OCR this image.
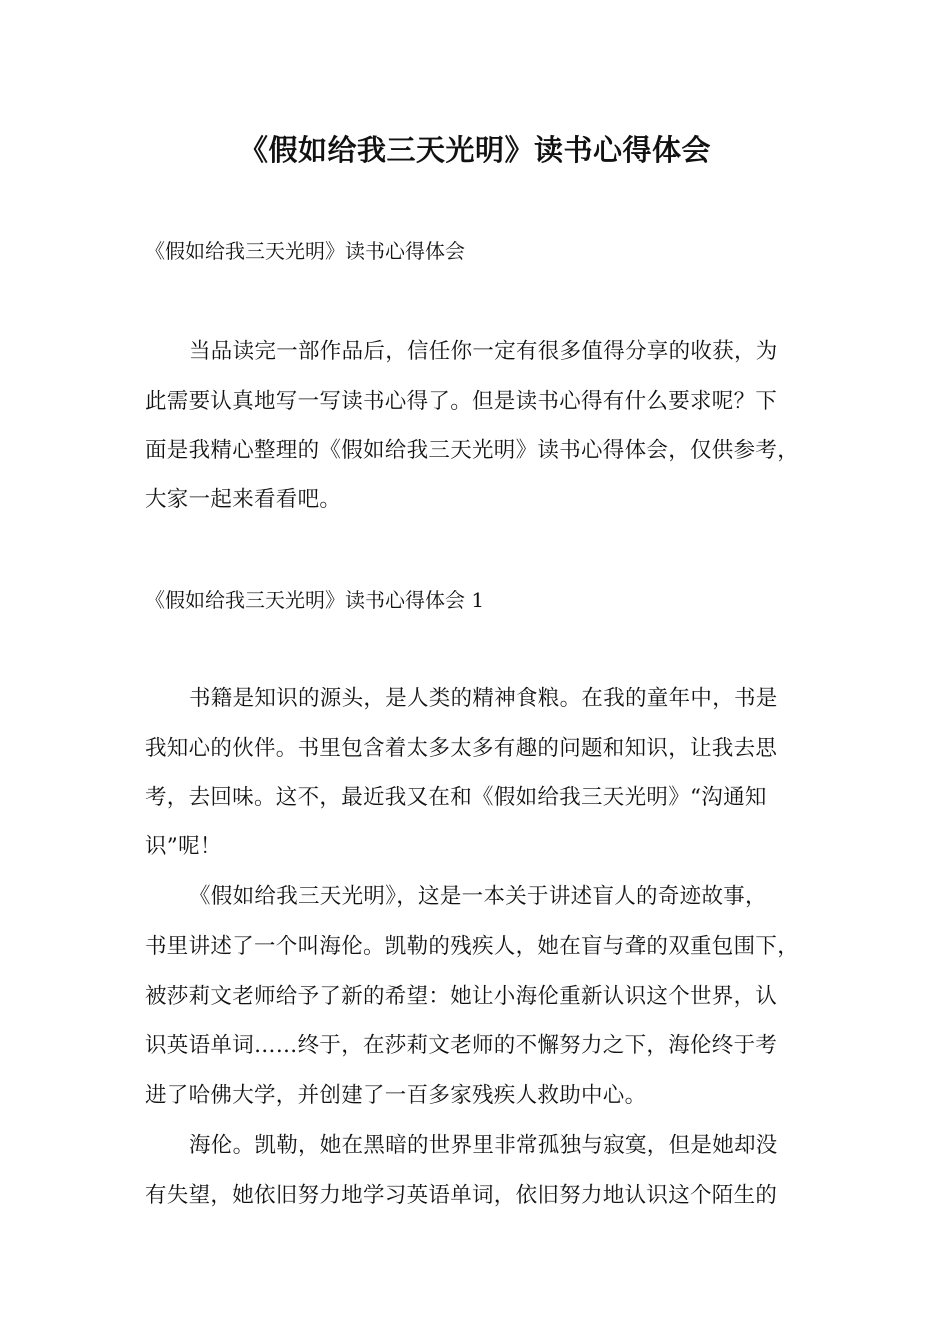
《假如给我三天光明》读书心得体会
《假如给我三天光明》读书心得体会
当品读完一部作品后，信任你一定有很多值得分享的收获，为
此需要认真地写一写读书心得了。但是读书心得有什么要求呢？下
面是我精心整理的《假如给我三天光明》读书心得体会，仅供参考，
大家一起来看看吧。
《假如给我三天光明》读书心得体会 1
书籍是知识的源头，是人类的精神食粮。在我的童年中，书是
我知心的伙伴。书里包含着太多太多有趣的问题和知识，让我去思
考，去回味。这不，最近我又在和《假如给我三天光明》“沟通知
识”呢！
《假如给我三天光明》，这是一本关于讲述盲人的奇迹故事，
书里讲述了一个叫海伦。凯勒的残疾人，她在盲与聋的双重包围下，
被莎莉文老师给予了新的希望：她让小海伦重新认识这个世界，认
识英语单词……终于，在莎莉文老师的不懈努力之下，海伦终于考
进了哈佛大学，并创建了一百多家残疾人救助中心。
海伦。凯勒，她在黑暗的世界里非常孤独与寂寞，但是她却没
有失望，她依旧努力地学习英语单词，依旧努力地认识这个陌生的
